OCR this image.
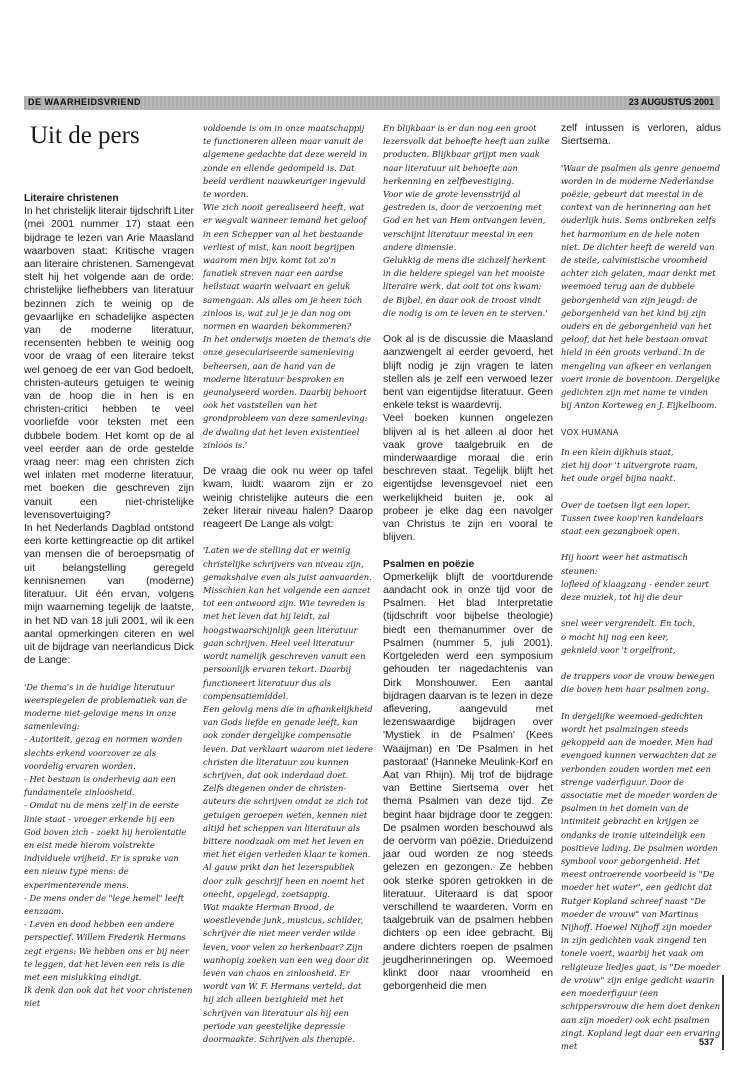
DE WAARHEIDSVRIEND	23 AUGUSTUS 2001
Uit de pers

Literaire christenen

In het christelijk literair tijdschrift Liter (mei 2001 nummer 17) staat een bijdrage te lezen van Arie Maasland waarboven staat: Kritische vragen aan literaire christenen. Samengevat stelt hij het volgende aan de orde: christelijke liefhebbers van literatuur bezinnen zich te weinig op de gevaarlijke en schadelijke aspecten van de moderne literatuur, recensenten hebben te weinig oog voor de vraag of een literaire tekst wel genoeg de eer van God bedoelt, christen-auteurs getuigen te weinig van de hoop die in hen is en christen-critici hebben te veel voorliefde voor teksten met een dubbele bodem. Het komt op de al veel eerder aan de orde gestelde vraag neer: mag een christen zich wel inlaten met moderne literatuur, met boeken die geschreven zijn vanuit een niet-christelijke levensovertuiging?

In het Nederlands Dagblad ontstond een korte kettingreactie op dit artikel van mensen die of beroepsmatig of uit belangstelling geregeld kennisnemen van (moderne) literatuur. Uit één ervan, volgens mijn waarneming tegelijk de laatste, in het ND van 18 juli 2001, wil ik een aantal opmerkingen citeren en wel uit de bijdrage van neerlandicus Dick de Lange:

'De thema's in de huidige literatuur weerspiegelen de problematiek van de moderne niet-gelovige mens in onze samenleving:

- Autoriteit, gezag en normen worden slechts erkend voorzover ze als voordelig ervaren worden.

- Het bestaan is onderhevig aan een fundamentele zinloosheid.

- Omdat nu de mens zelf in de eerste linie staat - vroeger erkende hij een God boven zich - zoekt hij heroïentatie en eist mede hierom volstrekte individuele vrijheid. Er is sprake van een nieuw type mens: de experimenterende mens.

- De mens onder de "lege hemel" leeft eenzaam.

- Leven en dood hebben een andere perspectief. Willem Frederik Hermans zegt ergens: We hebben ons er bij neer te leggen, dat het leven een reis is die met een mislukking eindigt.

Ik denk dan ook dat het voor christenen niet

voldoende is om in onze maatschappij te functioneren alleen maar vanuit de algemene gedachte dat deze wereld in zonde en ellende gedompeld is. Dat beeld verdient nauwkeuriger ingevuld te worden.

Wie zich nooit gerealiseerd heeft, wat er wegvalt wanneer iemand het geloof in een Schepper van al het bestaande verliest of mist, kan nooit begrijpen waarom men bijv. komt tot zo'n fanatiek streven naar een aardse heilstaat waarin welvaart en geluk samengaan. Als alles om je heen tóch zinloos is, wat zul je je dan nog om normen en waarden bekommeren?

In het onderwijs moeten de thema's die onze geseculariseerde samenleving beheersen, aan de hand van de moderne literatuur besproken en geanalyseerd worden. Daarbij behoort ook het vaststellen van het grondprobleem van deze samenleving: de dwaling dat het leven existentieel zinloos is.'

De vraag die ook nu weer op tafel kwam, luidt: waarom zijn er zo weinig christelijke auteurs die een zeker literair niveau halen? Daarop reageert De Lange als volgt:

'Laten we de stelling dat er weinig christelijke schrijvers van niveau zijn, gemakshalve even als juist aanvaarden. Misschien kan het volgende een aanzet tot een antwoord zijn. Wie tevreden is met het leven dat hij leidt, zal hoogstwaarschijnlijk geen literatuur gaan schrijven. Heel veel literatuur wordt namelijk geschreven vanuit een persoonlijk ervaren tekort. Daarbij functioneert literatuur dus als compensatiemiddel.

Een gelovig mens die in afhankelijkheid van Gods liefde en genade leeft, kan ook zonder dergelijke compensatie leven. Dat verklaart waarom niet iedere christen die literatuur zou kunnen schrijven, dat ook inderdaad doet.

Zelfs diegenen onder de christen-auteurs die schrijven omdat ze zich tot getuigen geroepen weten, kennen niet altijd het scheppen van literatuur als bittere noodzaak om met het leven en met het eigen verleden klaar te komen. Al gauw prikt dan het lezerspubliek door zulk geschrijf heen en noemt het onecht, opgelegd, zoetsappig.

Wat maakte Herman Brood, de woestlevende junk, musicus, schilder, schrijver die niet meer verder wilde leven, voor velen zo herkenbaar? Zijn wanhopig zoeken van een weg door dit leven van chaos en zinloosheid. Er wordt van W. F. Hermans verteld, dat hij zich alleen bezighield met het schrijven van literatuur als hij een periode van geestelijke depressie doormaakte. Schrijven als therapie.

En blijkbaar is er dan nog een groot lezersvolk dat behoefte heeft aan zulke producten. Blijkbaar grijpt men vaak naar literatuur uit behoefte aan herkenning en zelfbevestiging.

Voor wie de grote levensstrijd al gestreden is, door de verzoening met God en het van Hem ontvangen leven, verschijnt literatuur meestal in een andere dimensie.

Gelukkig de mens die zichzelf herkent in die heldere spiegel van het mooiste literaire werk, dat ooit tot ons kwam: de Bijbel, en daar ook de troost vindt die nodig is om te leven en te sterven.'

Ook al is de discussie die Maasland aanzwengelt al eerder gevoerd, het blijft nodig je zijn vragen te laten stellen als je zelf een verwoed lezer bent van eigentijdse literatuur. Geen enkele tekst is waardevrij.

Veel boeken kunnen ongelezen blijven al is het alleen al door het vaak grove taalgebruik en de minderwaardige moraal die erin beschreven staat. Tegelijk blijft het eigentijdse levensgevoel niet een werkelijkheid buiten je, ook al probeer je elke dag een navolger van Christus te zijn en vooral te blijven.

Psalmen en poëzie

Opmerkelijk blijft de voortdurende aandacht ook in onze tijd voor de Psalmen. Het blad Interpretatie (tijdschrift voor bijbelse theologie) biedt een themanummer over de Psalmen (nummer 5, juli 2001). Kortgeleden werd een symposium gehouden ter nagedachtenis van Dirk Monshouwer. Een aantal bijdragen daarvan is te lezen in deze aflevering, aangevuld met lezenswaardige bijdragen over 'Mystiek in de Psalmen' (Kees Waaijman) en 'De Psalmen in het pastoraat' (Hanneke Meulink-Korf en Aat van Rhijn). Mij trof de bijdrage van Bettine Siertsema over het thema Psalmen van deze tijd. Ze begint haar bijdrage door te zeggen: De psalmen worden beschouwd als de oervorm van poëzie. Drieduizend jaar oud worden ze nog steeds gelezen en gezongen. Ze hebben ook sterke sporen getrokken in de literatuur. Uiteraard is dat spoor verschillend te waarderen. Vorm en taalgebruik van de psalmen hebben dichters op een idee gebracht. Bij andere dichters roepen de psalmen jeugdherinneringen op. Weemoed klinkt door naar vroomheid en geborgenheid die men

zelf intussen is verloren, aldus Siertsema.

'Waar de psalmen als genre genoemd worden in de moderne Nederlandse poëzie, gebeurt dat meestal in de context van de herinnering aan het ouderlijk huis. Soms ontbreken zelfs het harmonium en de hele noten niet. De dichter heeft de wereld van de steile, calvinistische vroomheid achter zich gelaten, maar denkt met weemoed terug aan de dubbele geborgenheid van zijn jeugd: de geborgenheid van het kind bij zijn ouders en de geborgenheid van het geloof, dat het hele bestaan omvat hield in één groots verband. In de mengeling van afkeer en verlangen voert ironie de boventoon. Dergelijke gedichten zijn met name te vinden bij Anton Korteweg en J. Eijkelboom.

VOX HUMANA

In een klein dijkhuis staat,

ziet hij door 't uitvergrote raam,

het oude orgel bijna naakt.

Over de toetsen ligt een loper.

Tussen twee koop'ren kandelaars

staat een gezangboek open.

Hij hoort weer het astmatisch steunen:

lofleed of klaagzang - eender zeurt

deze muziek, tot hij die deur

snel weer vergrendelt. En toch,

o mocht hij nog een keer,

geknield voor 't orgelfront,

de trappers voor de vrouw bewegen

die boven hem haar psalmen zong.

In dergelijke weemoed-gedichten wordt het psalmzingen steeds gekoppeld aan de moeder. Men had evengoed kunnen verwachten dat ze verbonden zouden worden met een strenge vaderfiguur. Door de associatie met de moeder worden de psalmen in het domein van de intimiteit gebracht en krijgen ze ondanks de ironie uiteindelijk een positieve lading. De psalmen worden symbool voor geborgenheid. Het meest ontroerende voorbeeld is "De moeder het water", een gedicht dat Rutger Kopland schreef naast "De moeder de vrouw" van Martinus Nijhoff. Hoewel Nijhoff zijn moeder in zijn gedichten vaak zingend ten tonele voert, waarbij het vaak om religieuze liedjes gaat, is "De moeder de vrouw" zijn enige gedicht waarin een moederfiguur (een schippersvrouw die hem doet denken aan zijn moeder) ook echt psalmen zingt. Kopland legt daar een ervaring met	537
